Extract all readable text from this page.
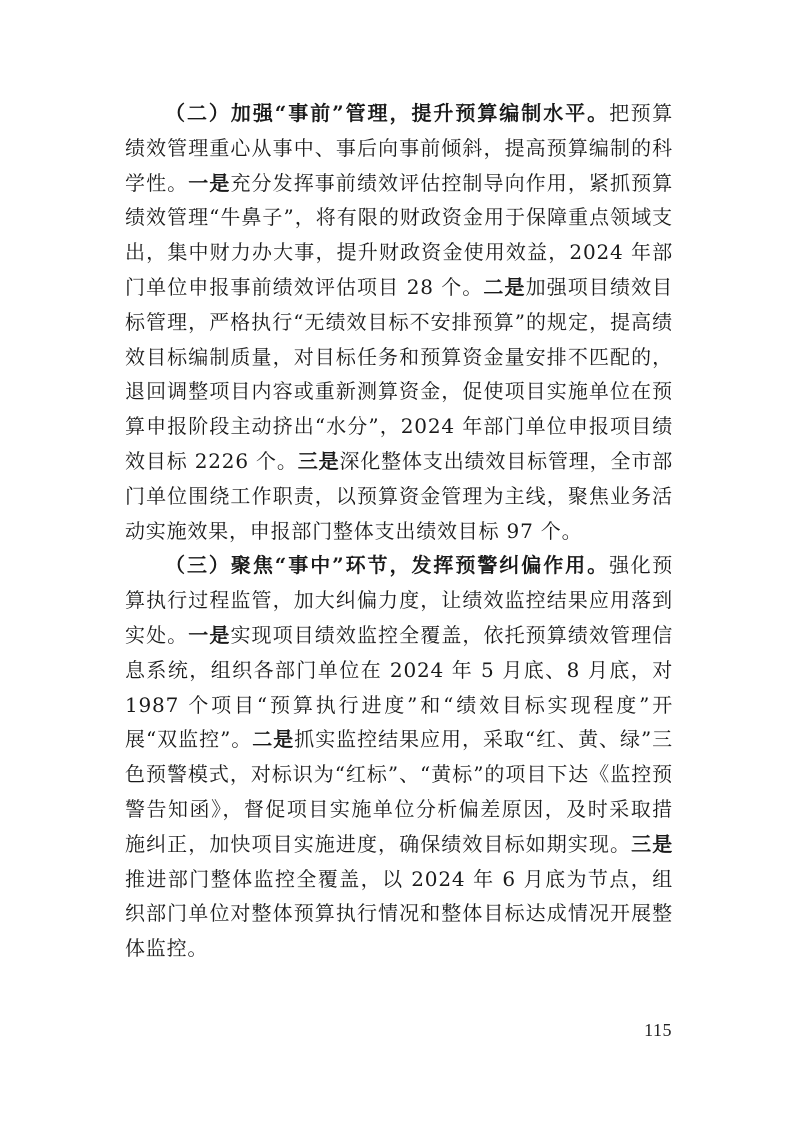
（二）加强“事前”管理，提升预算编制水平。把预算绩效管理重心从事中、事后向事前倾斜，提高预算编制的科学性。一是充分发挥事前绩效评估控制导向作用，紧抓预算绩效管理“牛鼻子”，将有限的财政资金用于保障重点领域支出，集中财力办大事，提升财政资金使用效益，2024 年部门单位申报事前绩效评估项目 28 个。二是加强项目绩效目标管理，严格执行“无绩效目标不安排预算”的规定，提高绩效目标编制质量，对目标任务和预算资金量安排不匹配的，退回调整项目内容或重新测算资金，促使项目实施单位在预算申报阶段主动挤出“水分”，2024 年部门单位申报项目绩效目标 2226 个。三是深化整体支出绩效目标管理，全市部门单位围绕工作职责，以预算资金管理为主线，聚焦业务活动实施效果，申报部门整体支出绩效目标 97 个。

（三）聚焦“事中”环节，发挥预警纠偏作用。强化预算执行过程监管，加大纠偏力度，让绩效监控结果应用落到实处。一是实现项目绩效监控全覆盖，依托预算绩效管理信息系统，组织各部门单位在 2024 年 5 月底、8 月底，对 1987 个项目“预算执行进度”和“绩效目标实现程度”开展“双监控”。二是抓实监控结果应用，采取“红、黄、绿”三色预警模式，对标识为“红标”、“黄标”的项目下达《监控预警告知函》，督促项目实施单位分析偏差原因，及时采取措施纠正，加快项目实施进度，确保绩效目标如期实现。三是推进部门整体监控全覆盖，以 2024 年 6 月底为节点，组织部门单位对整体预算执行情况和整体目标达成情况开展整体监控。

115
